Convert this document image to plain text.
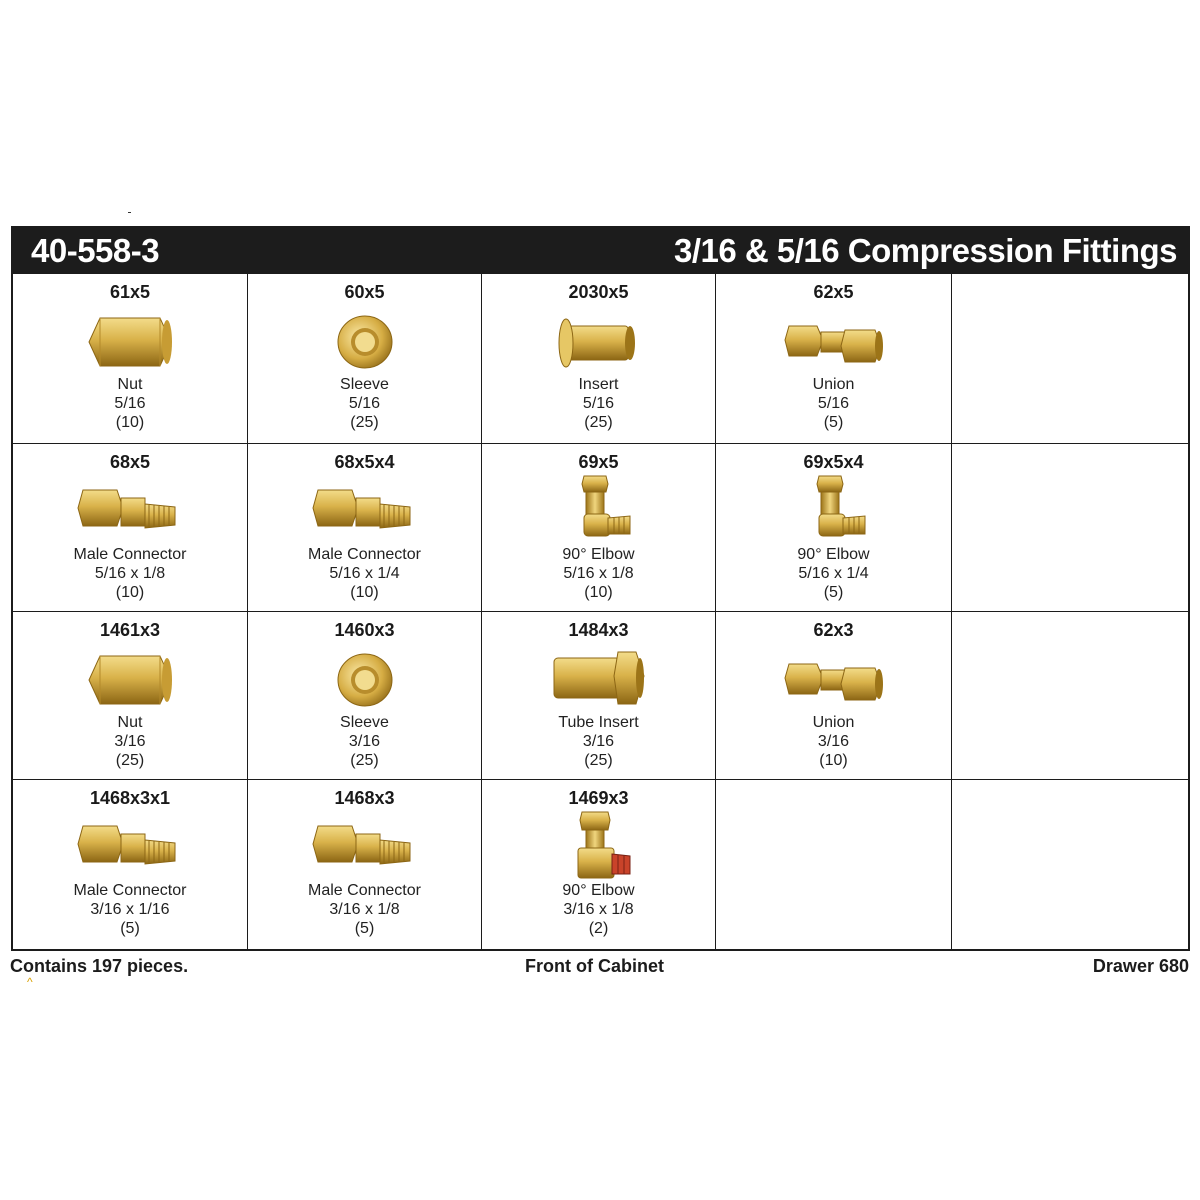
40-558-3	3/16 & 5/16 Compression Fittings
61x5
Nut
5/16
(10)
60x5
Sleeve
5/16
(25)
2030x5
Insert
5/16
(25)
62x5
Union
5/16
(5)
68x5
Male Connector
5/16 x 1/8
(10)
68x5x4
Male Connector
5/16 x 1/4
(10)
69x5
90° Elbow
5/16 x 1/8
(10)
69x5x4
90° Elbow
5/16 x 1/4
(5)
1461x3
Nut
3/16
(25)
1460x3
Sleeve
3/16
(25)
1484x3
Tube Insert
3/16
(25)
62x3
Union
3/16
(10)
1468x3x1
Male Connector
3/16 x 1/16
(5)
1468x3
Male Connector
3/16 x 1/8
(5)
1469x3
90° Elbow
3/16 x 1/8
(2)
Contains 197 pieces.	Front of Cabinet	Drawer 680
^
